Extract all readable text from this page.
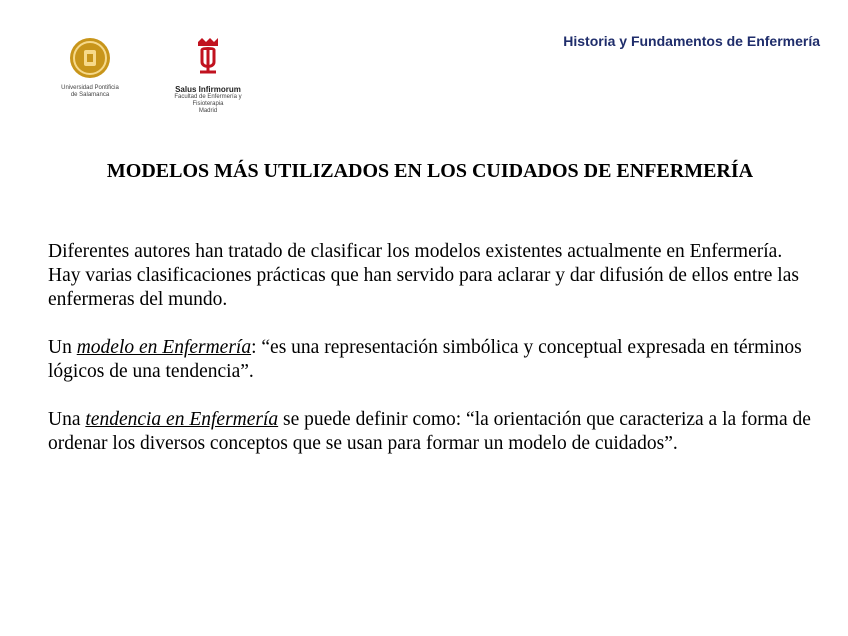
Universidad Pontificia
de Salamanca
Salus Infirmorum
Facultad de Enfermería y Fisioterapia
Madrid
Historia y Fundamentos de Enfermería
MODELOS MÁS UTILIZADOS EN LOS CUIDADOS DE ENFERMERÍA

Diferentes autores han tratado de clasificar los modelos existentes actualmente en Enfermería. Hay varias clasificaciones prácticas que han servido para aclarar y dar difusión de ellos entre las enfermeras del mundo.

Un modelo en Enfermería: “es una representación simbólica y conceptual expresada en términos lógicos de una tendencia”.

Una tendencia en Enfermería se puede definir como: “la orientación que caracteriza a la forma de ordenar los diversos conceptos que se usan para formar un modelo de cuidados”.
